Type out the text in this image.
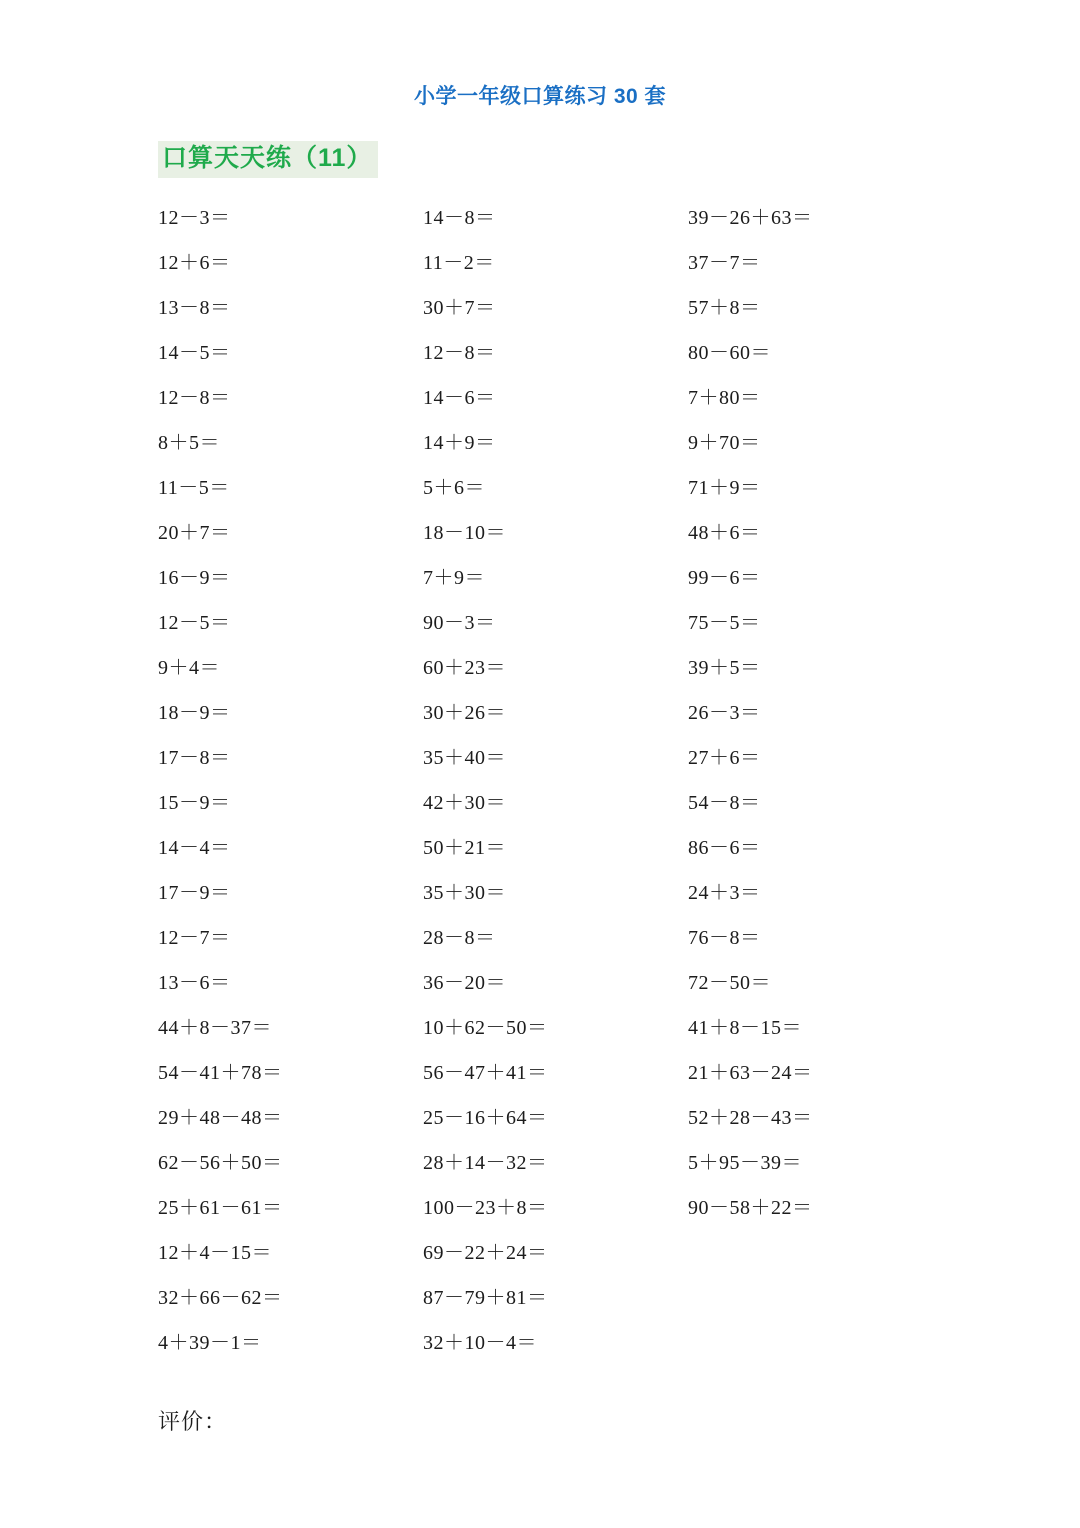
小学一年级口算练习 30 套
口算天天练（11）
12－3＝
12＋6＝
13－8＝
14－5＝
12－8＝
8＋5＝
11－5＝
20＋7＝
16－9＝
12－5＝
9＋4＝
18－9＝
17－8＝
15－9＝
14－4＝
17－9＝
12－7＝
13－6＝
44＋8－37＝
54－41＋78＝
29＋48－48＝
62－56＋50＝
25＋61－61＝
12＋4－15＝
32＋66－62＝
4＋39－1＝
14－8＝
11－2＝
30＋7＝
12－8＝
14－6＝
14＋9＝
5＋6＝
18－10＝
7＋9＝
90－3＝
60＋23＝
30＋26＝
35＋40＝
42＋30＝
50＋21＝
35＋30＝
28－8＝
36－20＝
10＋62－50＝
56－47＋41＝
25－16＋64＝
28＋14－32＝
100－23＋8＝
69－22＋24＝
87－79＋81＝
32＋10－4＝
39－26＋63＝
37－7＝
57＋8＝
80－60＝
7＋80＝
9＋70＝
71＋9＝
48＋6＝
99－6＝
75－5＝
39＋5＝
26－3＝
27＋6＝
54－8＝
86－6＝
24＋3＝
76－8＝
72－50＝
41＋8－15＝
21＋63－24＝
52＋28－43＝
5＋95－39＝
90－58＋22＝
评价：
